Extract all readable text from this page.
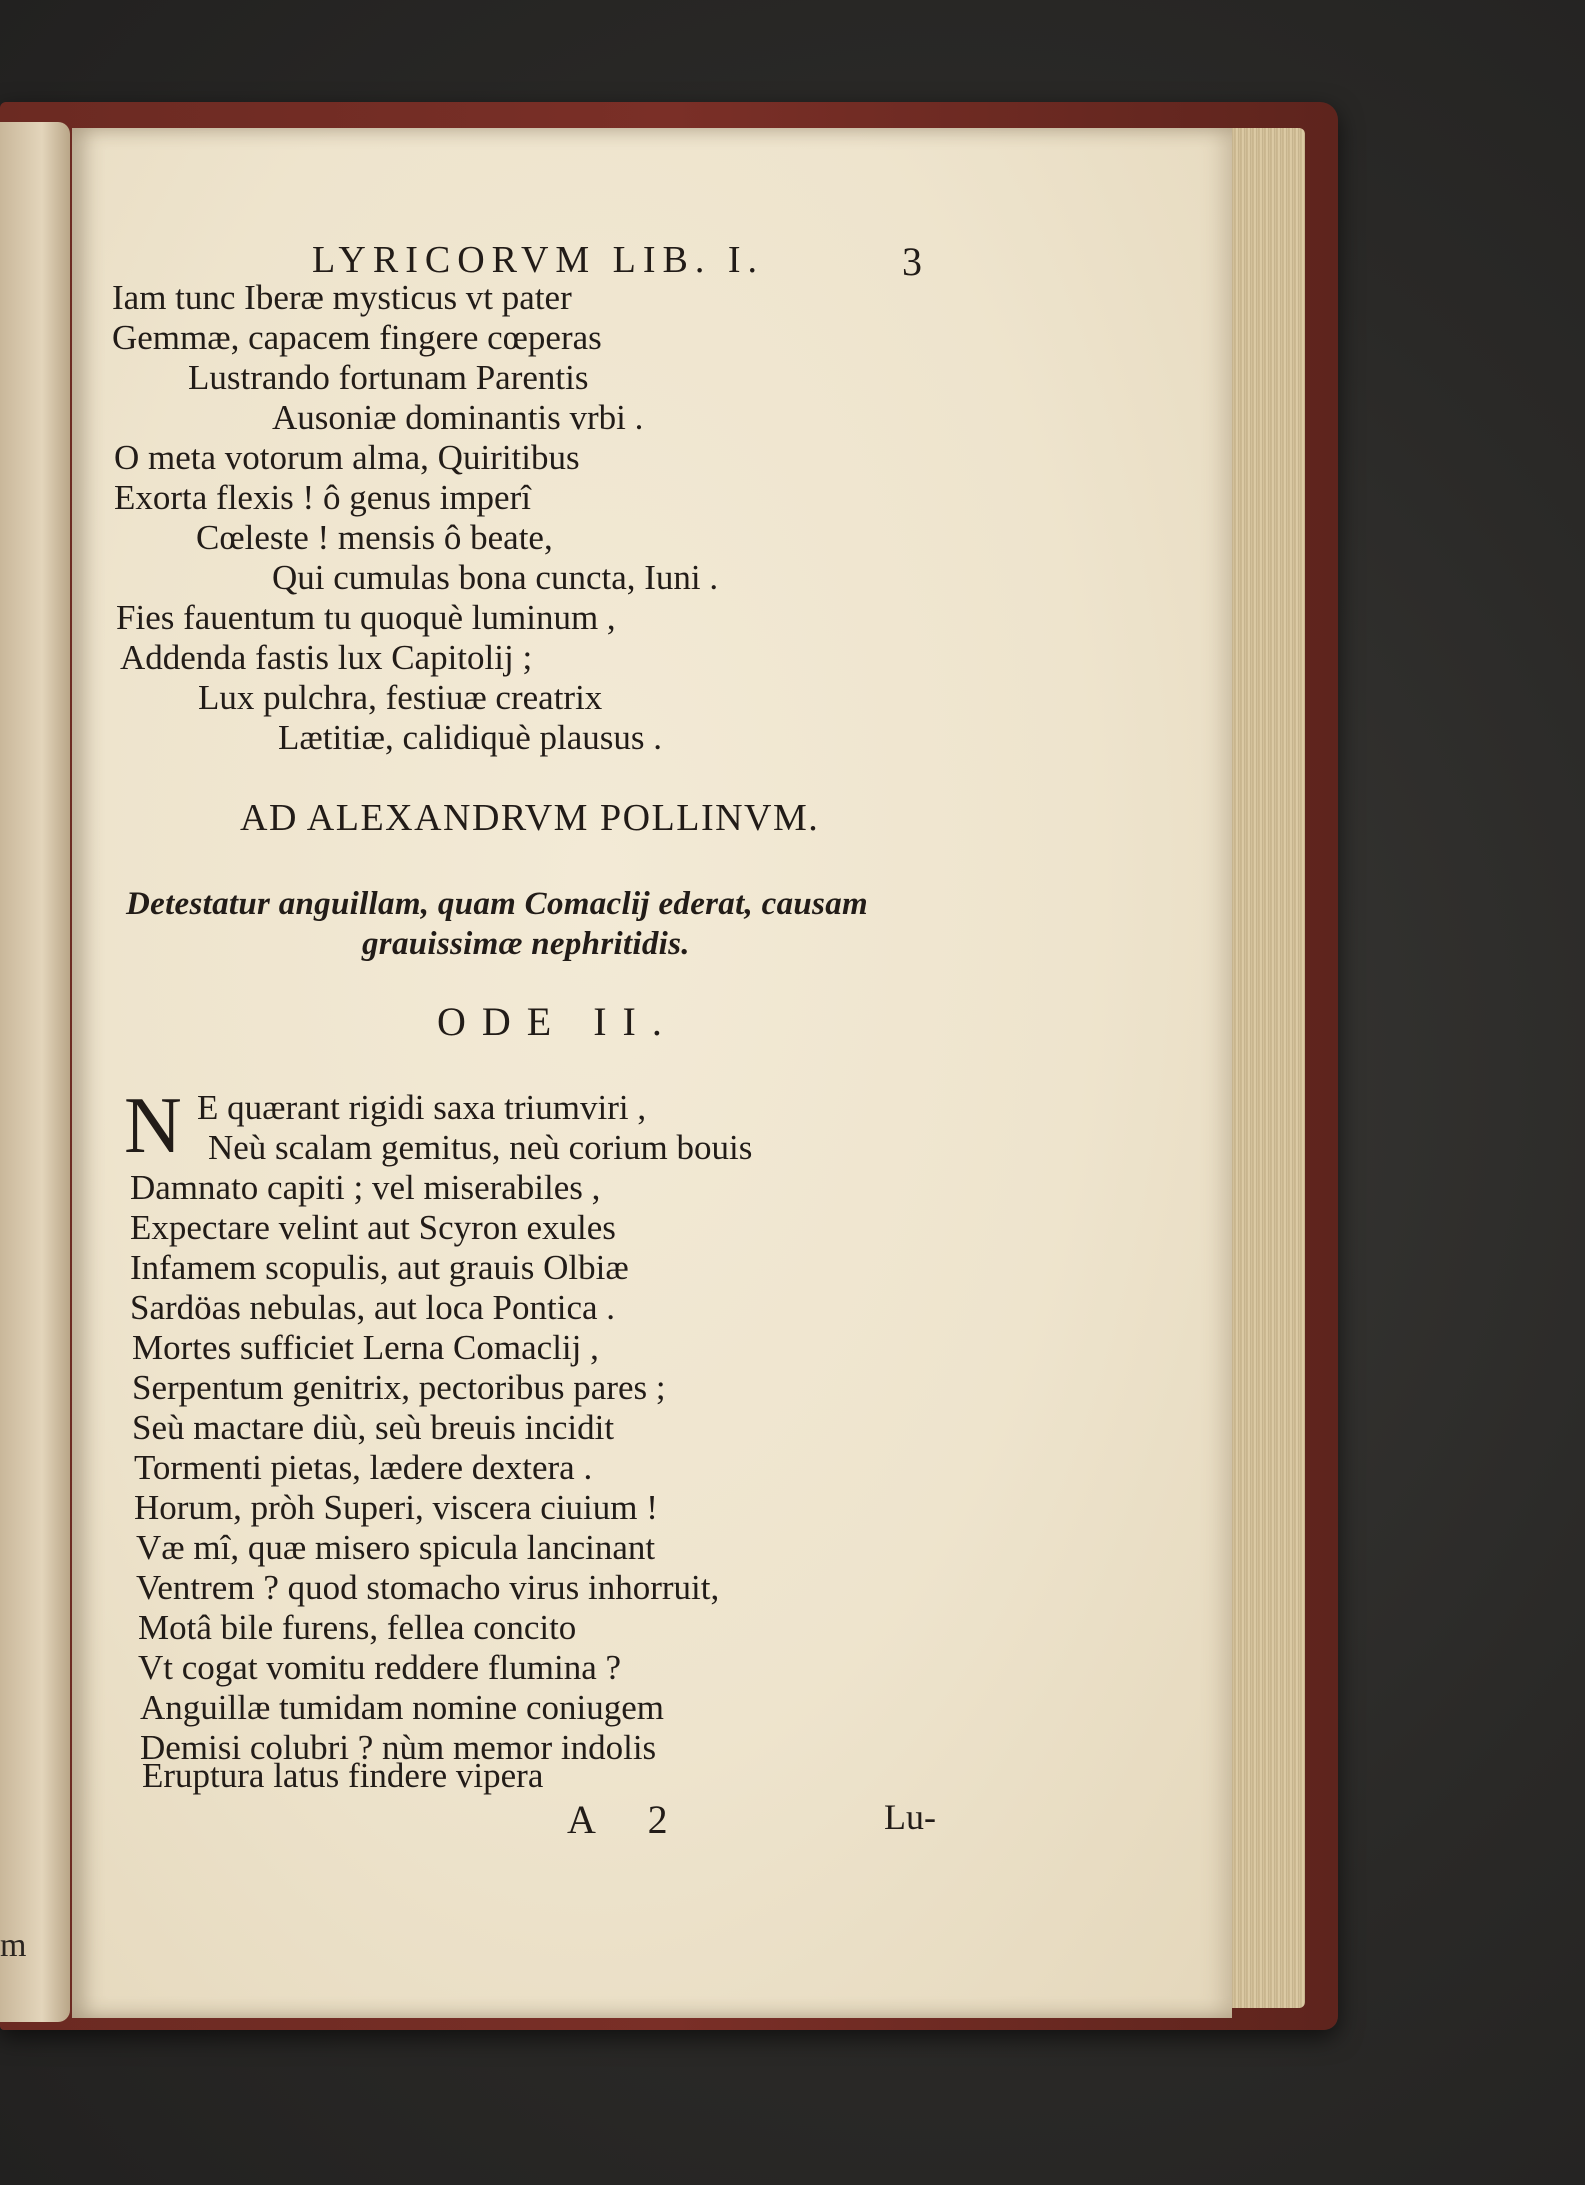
m
LYRICORVM LIB. I.	3
Iam tunc Iberæ mysticus vt pater
Gemmæ, capacem fingere cœperas
Lustrando fortunam Parentis
Ausoniæ dominantis vrbi .
O meta votorum alma, Quiritibus
Exorta flexis ! ô genus imperî
Cœleste ! mensis ô beate,
Qui cumulas bona cuncta, Iuni .
Fies fauentum tu quoquè luminum ,
Addenda fastis lux Capitolij ;
Lux pulchra, festiuæ creatrix
Lætitiæ, calidiquè plausus .
AD ALEXANDRVM POLLINVM.
Detestatur anguillam, quam Comaclij ederat, causam
grauissimæ nephritidis.
ODE II.
N E quærant rigidi saxa triumviri ,
Neù scalam gemitus, neù corium bouis
Damnato capiti ; vel miserabiles ,
Expectare velint aut Scyron exules
Infamem scopulis, aut grauis Olbiæ
Sardöas nebulas, aut loca Pontica .
Mortes sufficiet Lerna Comaclij ,
Serpentum genitrix, pectoribus pares ;
Seù mactare diù, seù breuis incidit
Tormenti pietas, lædere dextera .
Horum, pròh Superi, viscera ciuium !
Væ mî, quæ misero spicula lancinant
Ventrem ? quod stomacho virus inhorruit,
Motâ bile furens, fellea concito
Vt cogat vomitu reddere flumina ?
Anguillæ tumidam nomine coniugem
Demisi colubri ? nùm memor indolis
Eruptura latus findere vipera
A 2	Lu-
